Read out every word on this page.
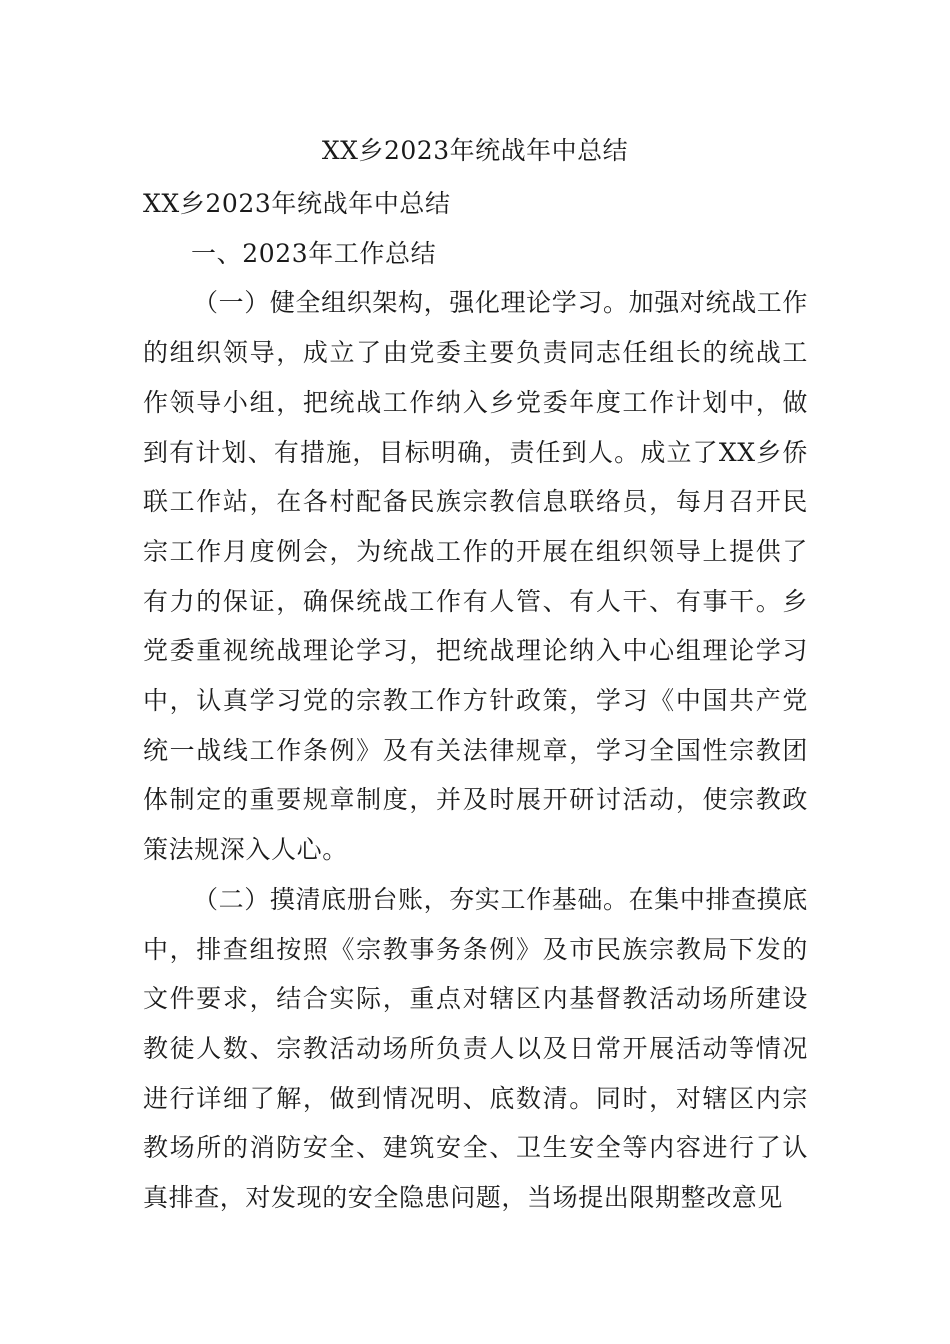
XX乡2023年统战年中总结

XX乡2023年统战年中总结

一、2023年工作总结

（一）健全组织架构，强化理论学习。加强对统战工作的组织领导，成立了由党委主要负责同志任组长的统战工作领导小组，把统战工作纳入乡党委年度工作计划中，做到有计划、有措施，目标明确，责任到人。成立了XX乡侨联工作站，在各村配备民族宗教信息联络员，每月召开民宗工作月度例会，为统战工作的开展在组织领导上提供了有力的保证，确保统战工作有人管、有人干、有事干。乡党委重视统战理论学习，把统战理论纳入中心组理论学习中，认真学习党的宗教工作方针政策，学习《中国共产党统一战线工作条例》及有关法律规章，学习全国性宗教团体制定的重要规章制度，并及时展开研讨活动，使宗教政策法规深入人心。

（二）摸清底册台账，夯实工作基础。在集中排查摸底中，排查组按照《宗教事务条例》及市民族宗教局下发的文件要求，结合实际，重点对辖区内基督教活动场所建设教徒人数、宗教活动场所负责人以及日常开展活动等情况进行详细了解，做到情况明、底数清。同时，对辖区内宗教场所的消防安全、建筑安全、卫生安全等内容进行了认真排查，对发现的安全隐患问题，当场提出限期整改意见
